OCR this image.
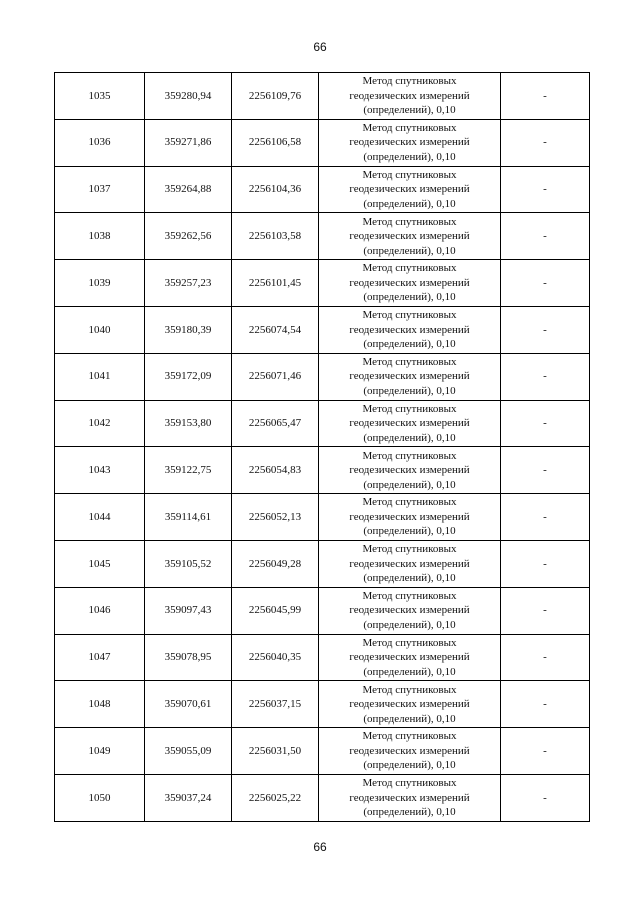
66
1035	359280,94	2256109,76	Метод спутниковых
геодезических измерений
(определений), 0,10	-
1036	359271,86	2256106,58	Метод спутниковых
геодезических измерений
(определений), 0,10	-
1037	359264,88	2256104,36	Метод спутниковых
геодезических измерений
(определений), 0,10	-
1038	359262,56	2256103,58	Метод спутниковых
геодезических измерений
(определений), 0,10	-
1039	359257,23	2256101,45	Метод спутниковых
геодезических измерений
(определений), 0,10	-
1040	359180,39	2256074,54	Метод спутниковых
геодезических измерений
(определений), 0,10	-
1041	359172,09	2256071,46	Метод спутниковых
геодезических измерений
(определений), 0,10	-
1042	359153,80	2256065,47	Метод спутниковых
геодезических измерений
(определений), 0,10	-
1043	359122,75	2256054,83	Метод спутниковых
геодезических измерений
(определений), 0,10	-
1044	359114,61	2256052,13	Метод спутниковых
геодезических измерений
(определений), 0,10	-
1045	359105,52	2256049,28	Метод спутниковых
геодезических измерений
(определений), 0,10	-
1046	359097,43	2256045,99	Метод спутниковых
геодезических измерений
(определений), 0,10	-
1047	359078,95	2256040,35	Метод спутниковых
геодезических измерений
(определений), 0,10	-
1048	359070,61	2256037,15	Метод спутниковых
геодезических измерений
(определений), 0,10	-
1049	359055,09	2256031,50	Метод спутниковых
геодезических измерений
(определений), 0,10	-
1050	359037,24	2256025,22	Метод спутниковых
геодезических измерений
(определений), 0,10	-
66
